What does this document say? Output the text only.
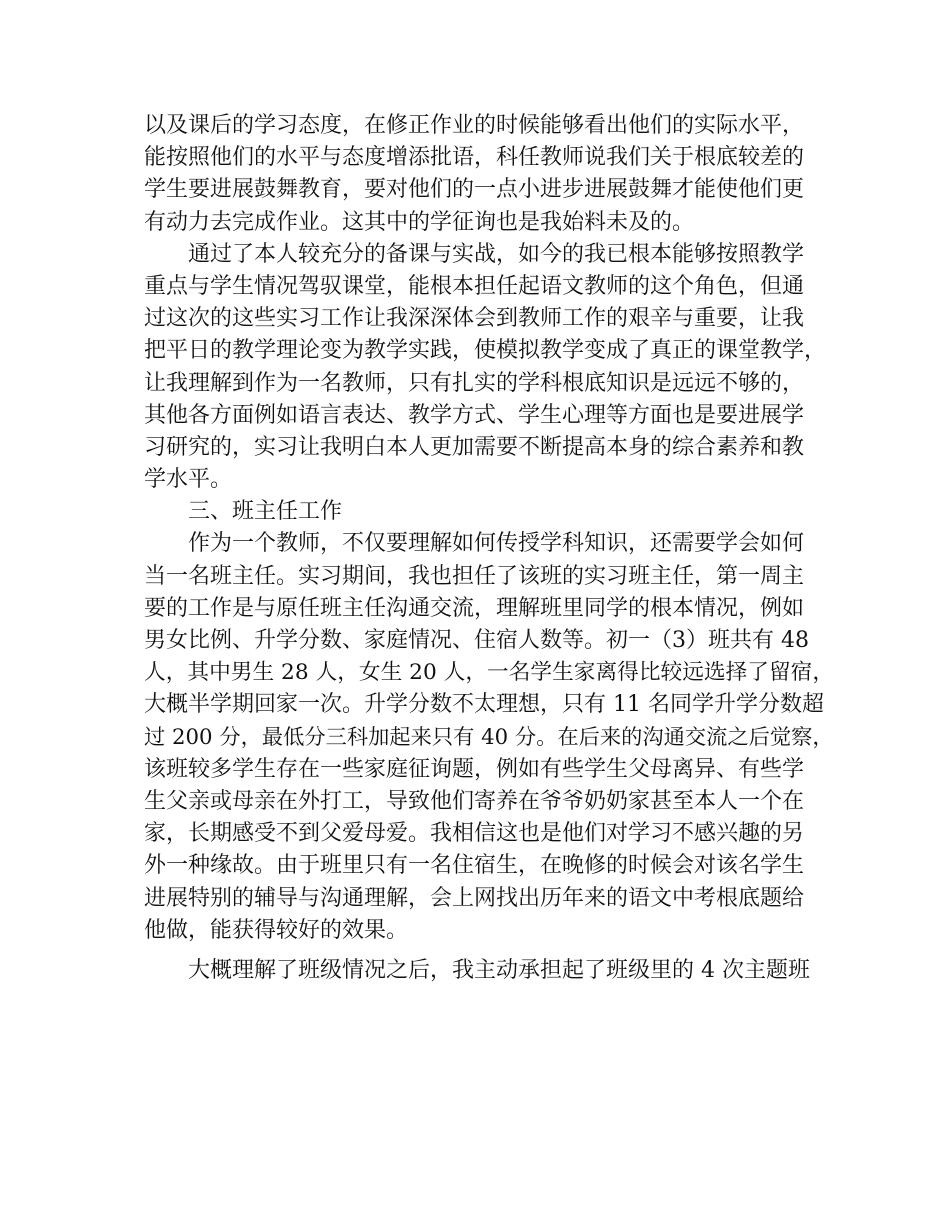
以及课后的学习态度，在修正作业的时候能够看出他们的实际水平，
能按照他们的水平与态度增添批语，科任教师说我们关于根底较差的
学生要进展鼓舞教育，要对他们的一点小进步进展鼓舞才能使他们更
有动力去完成作业。这其中的学征询也是我始料未及的。
通过了本人较充分的备课与实战，如今的我已根本能够按照教学
重点与学生情况驾驭课堂，能根本担任起语文教师的这个角色，但通
过这次的这些实习工作让我深深体会到教师工作的艰辛与重要，让我
把平日的教学理论变为教学实践，使模拟教学变成了真正的课堂教学，
让我理解到作为一名教师，只有扎实的学科根底知识是远远不够的，
其他各方面例如语言表达、教学方式、学生心理等方面也是要进展学
习研究的，实习让我明白本人更加需要不断提高本身的综合素养和教
学水平。
三、班主任工作
作为一个教师，不仅要理解如何传授学科知识，还需要学会如何
当一名班主任。实习期间，我也担任了该班的实习班主任，第一周主
要的工作是与原任班主任沟通交流，理解班里同学的根本情况，例如
男女比例、升学分数、家庭情况、住宿人数等。初一（3）班共有 48
人，其中男生 28 人，女生 20 人，一名学生家离得比较远选择了留宿，
大概半学期回家一次。升学分数不太理想，只有 11 名同学升学分数超
过 200 分，最低分三科加起来只有 40 分。在后来的沟通交流之后觉察，
该班较多学生存在一些家庭征询题，例如有些学生父母离异、有些学
生父亲或母亲在外打工，导致他们寄养在爷爷奶奶家甚至本人一个在
家，长期感受不到父爱母爱。我相信这也是他们对学习不感兴趣的另
外一种缘故。由于班里只有一名住宿生，在晚修的时候会对该名学生
进展特别的辅导与沟通理解，会上网找出历年来的语文中考根底题给
他做，能获得较好的效果。
大概理解了班级情况之后，我主动承担起了班级里的 4 次主题班
